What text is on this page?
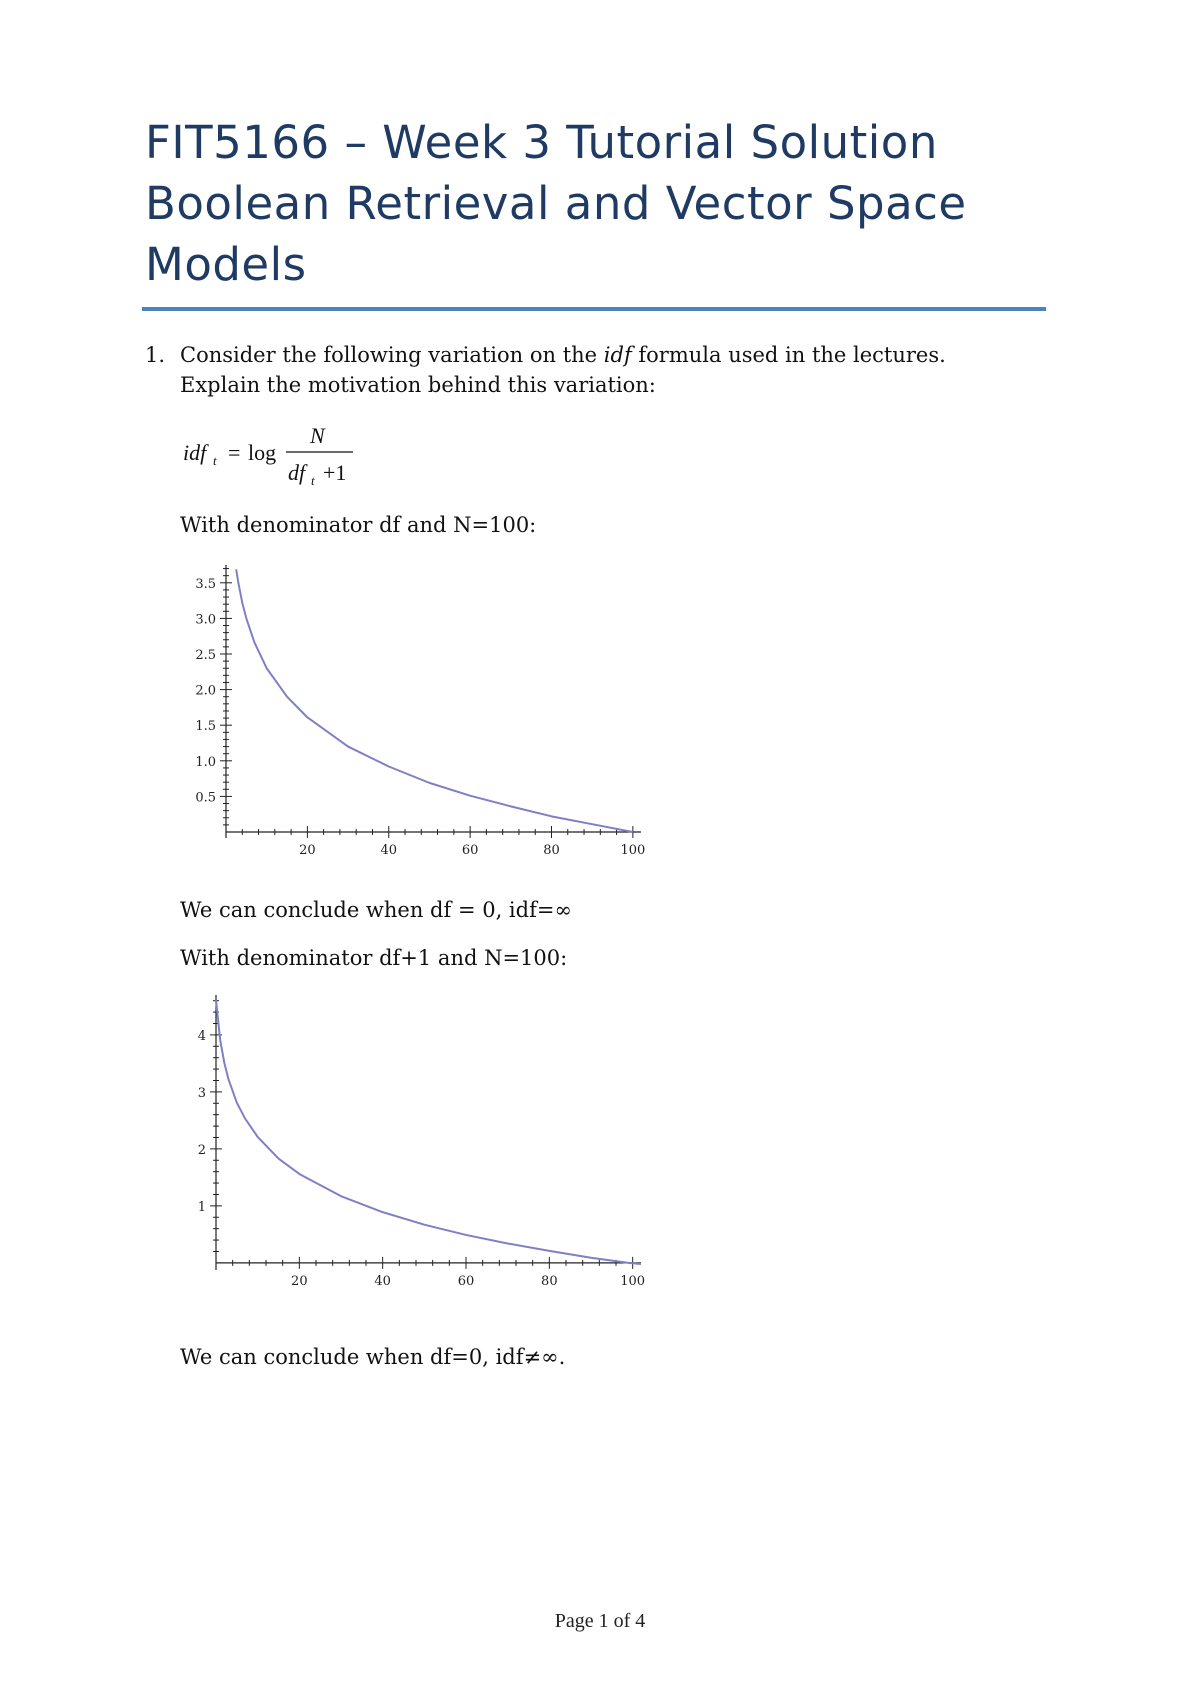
FIT5166 – Week 3 Tutorial Solution
Boolean Retrieval and Vector Space
Models
1. Consider the following variation on the idf formula used in the lectures.
Explain the motivation behind this variation:
idf t = log
N
df t +1
With denominator df and N=100:
20	40	60	80	100
0.5
1.0
1.5
2.0
2.5
3.0
3.5
We can conclude when df = 0, idf=∞
With denominator df+1 and N=100:
20	40	60	80	100
1
2
3
4
We can conclude when df=0, idf≠∞.
Page 1 of 4
